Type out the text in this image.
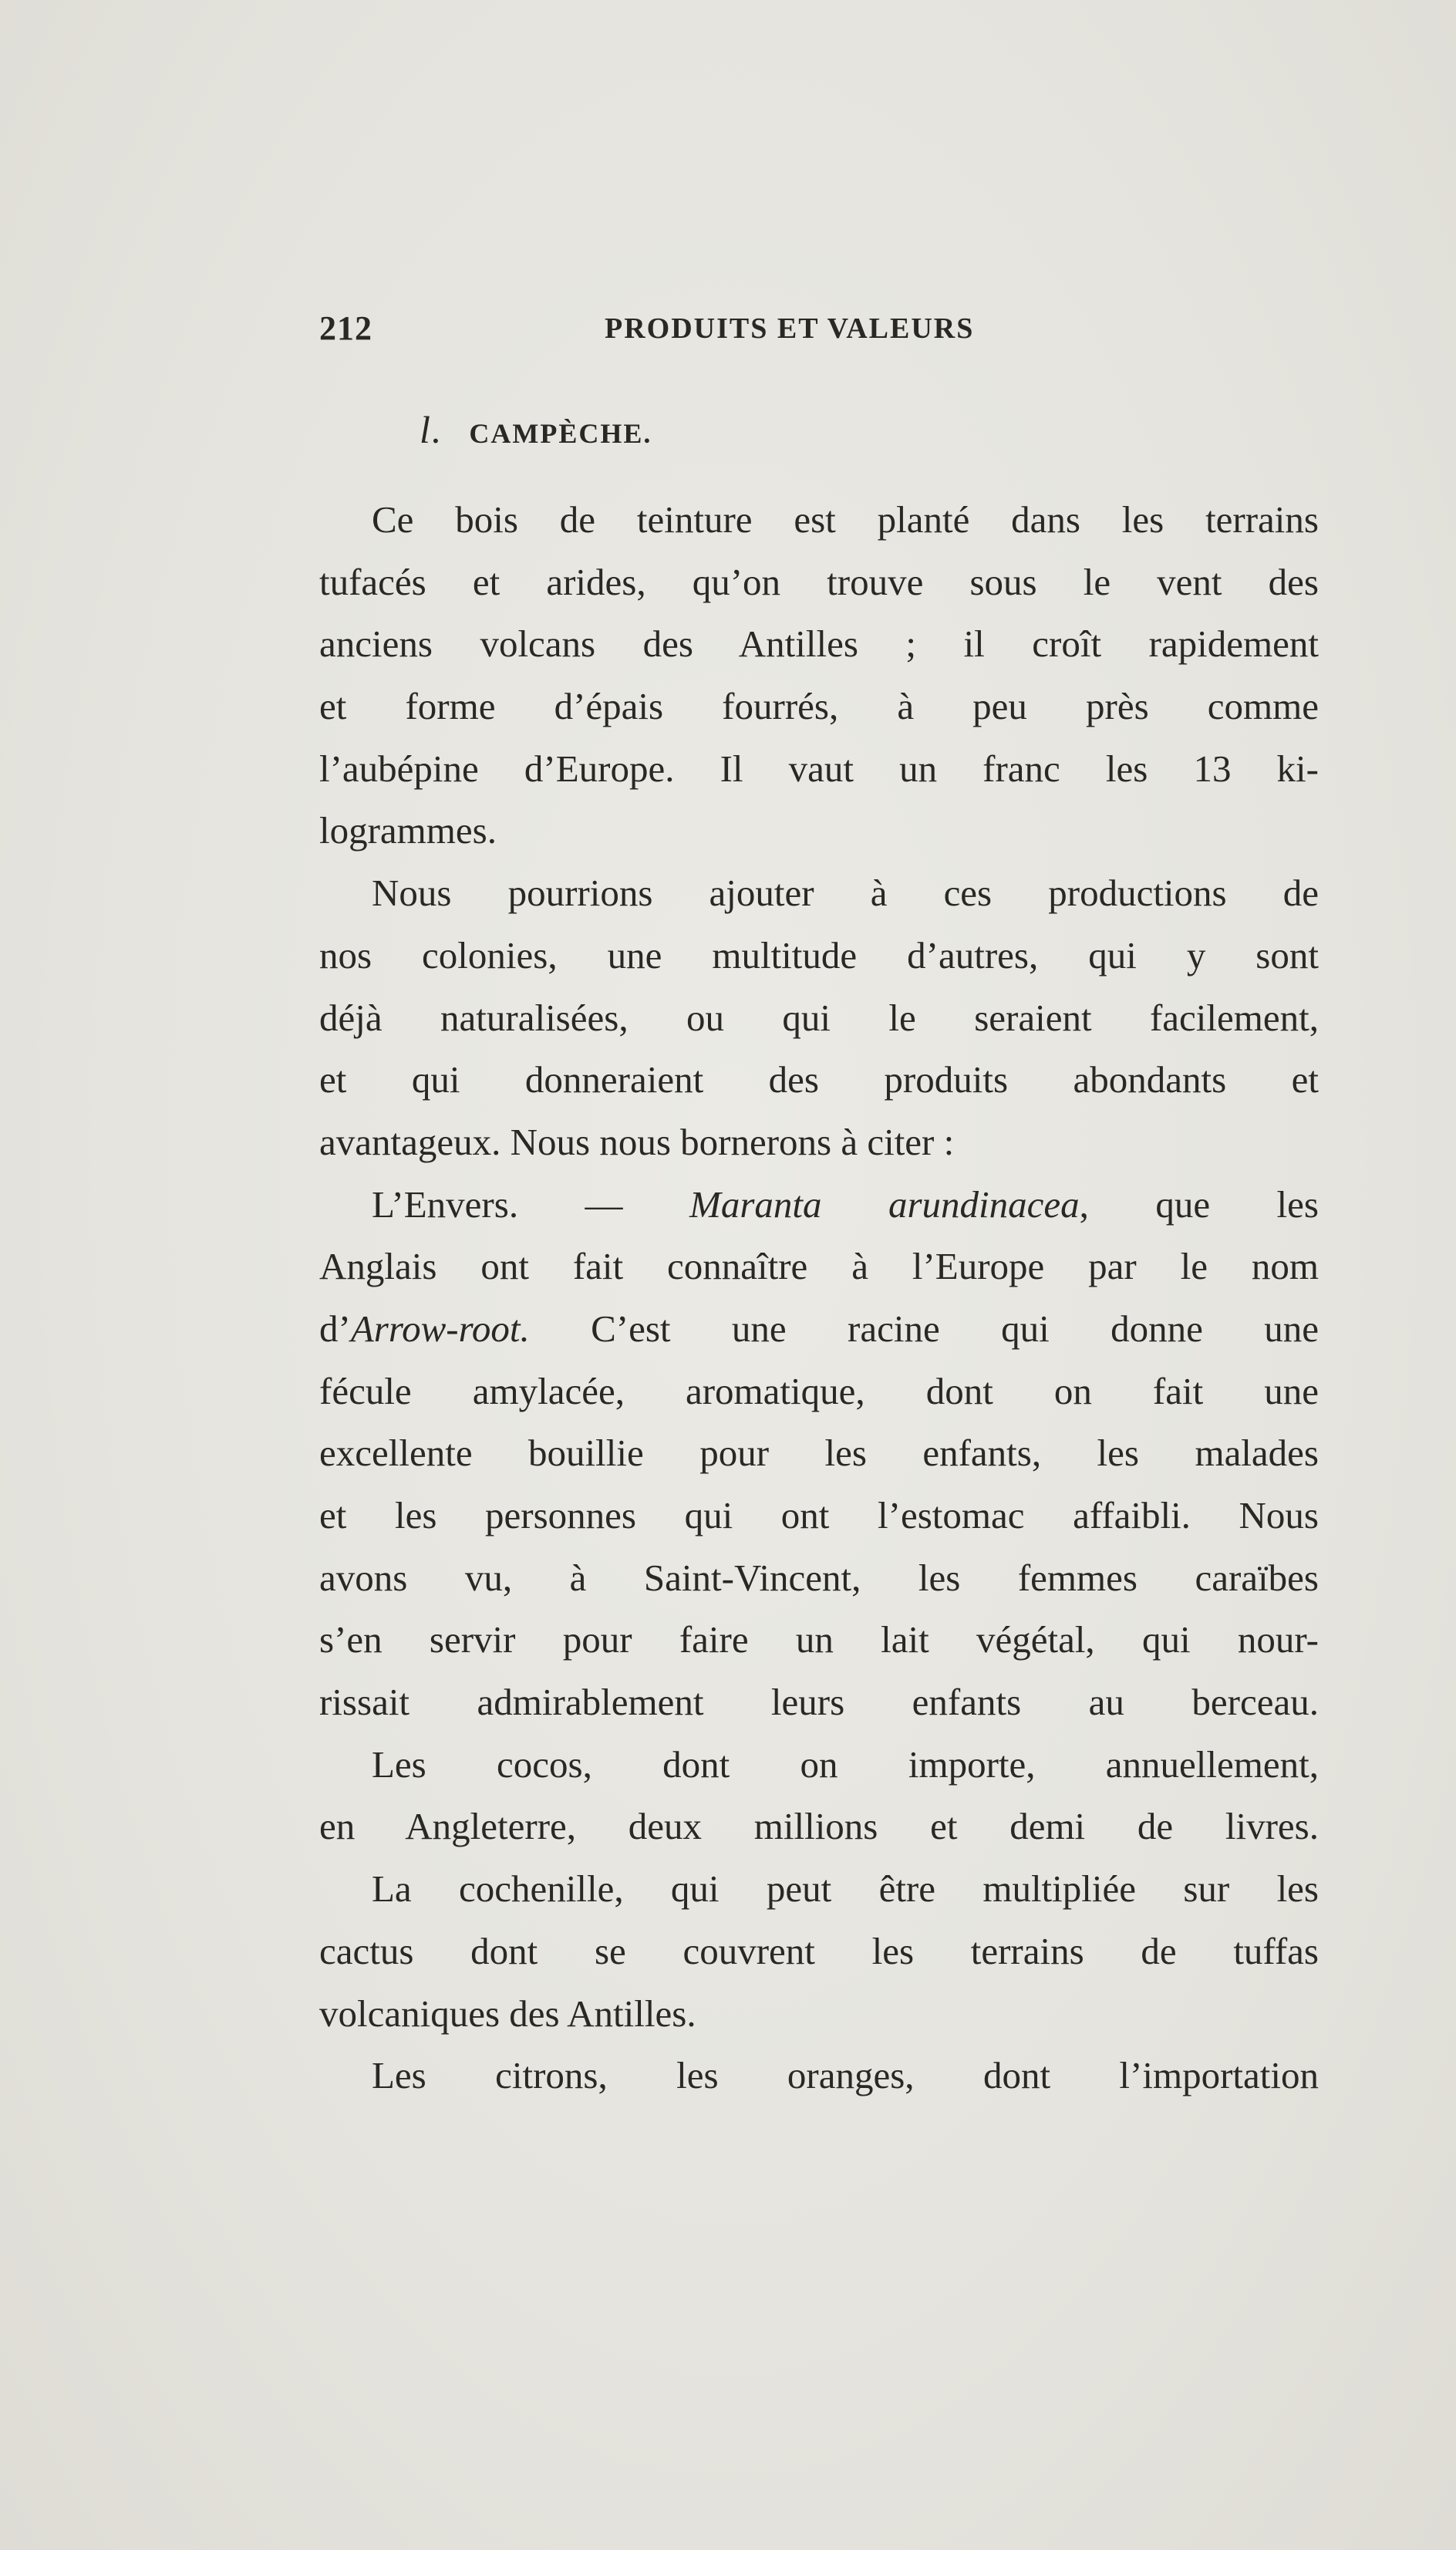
212	PRODUITS ET VALEURS
l. CAMPÈCHE.
Ce bois de teinture est planté dans les terrains
tufacés et arides, qu’on trouve sous le vent des
anciens volcans des Antilles ; il croît rapidement
et forme d’épais fourrés, à peu près comme
l’aubépine d’Europe. Il vaut un franc les 13 ki-
logrammes.
Nous pourrions ajouter à ces productions de
nos colonies, une multitude d’autres, qui y sont
déjà naturalisées, ou qui le seraient facilement,
et qui donneraient des produits abondants et
avantageux. Nous nous bornerons à citer :
L’Envers. — Maranta arundinacea, que les
Anglais ont fait connaître à l’Europe par le nom
d’Arrow-root. C’est une racine qui donne une
fécule amylacée, aromatique, dont on fait une
excellente bouillie pour les enfants, les malades
et les personnes qui ont l’estomac affaibli. Nous
avons vu, à Saint-Vincent, les femmes caraïbes
s’en servir pour faire un lait végétal, qui nour-
rissait admirablement leurs enfants au berceau.
Les cocos, dont on importe, annuellement,
en Angleterre, deux millions et demi de livres.
La cochenille, qui peut être multipliée sur les
cactus dont se couvrent les terrains de tuffas
volcaniques des Antilles.
Les citrons, les oranges, dont l’importation
